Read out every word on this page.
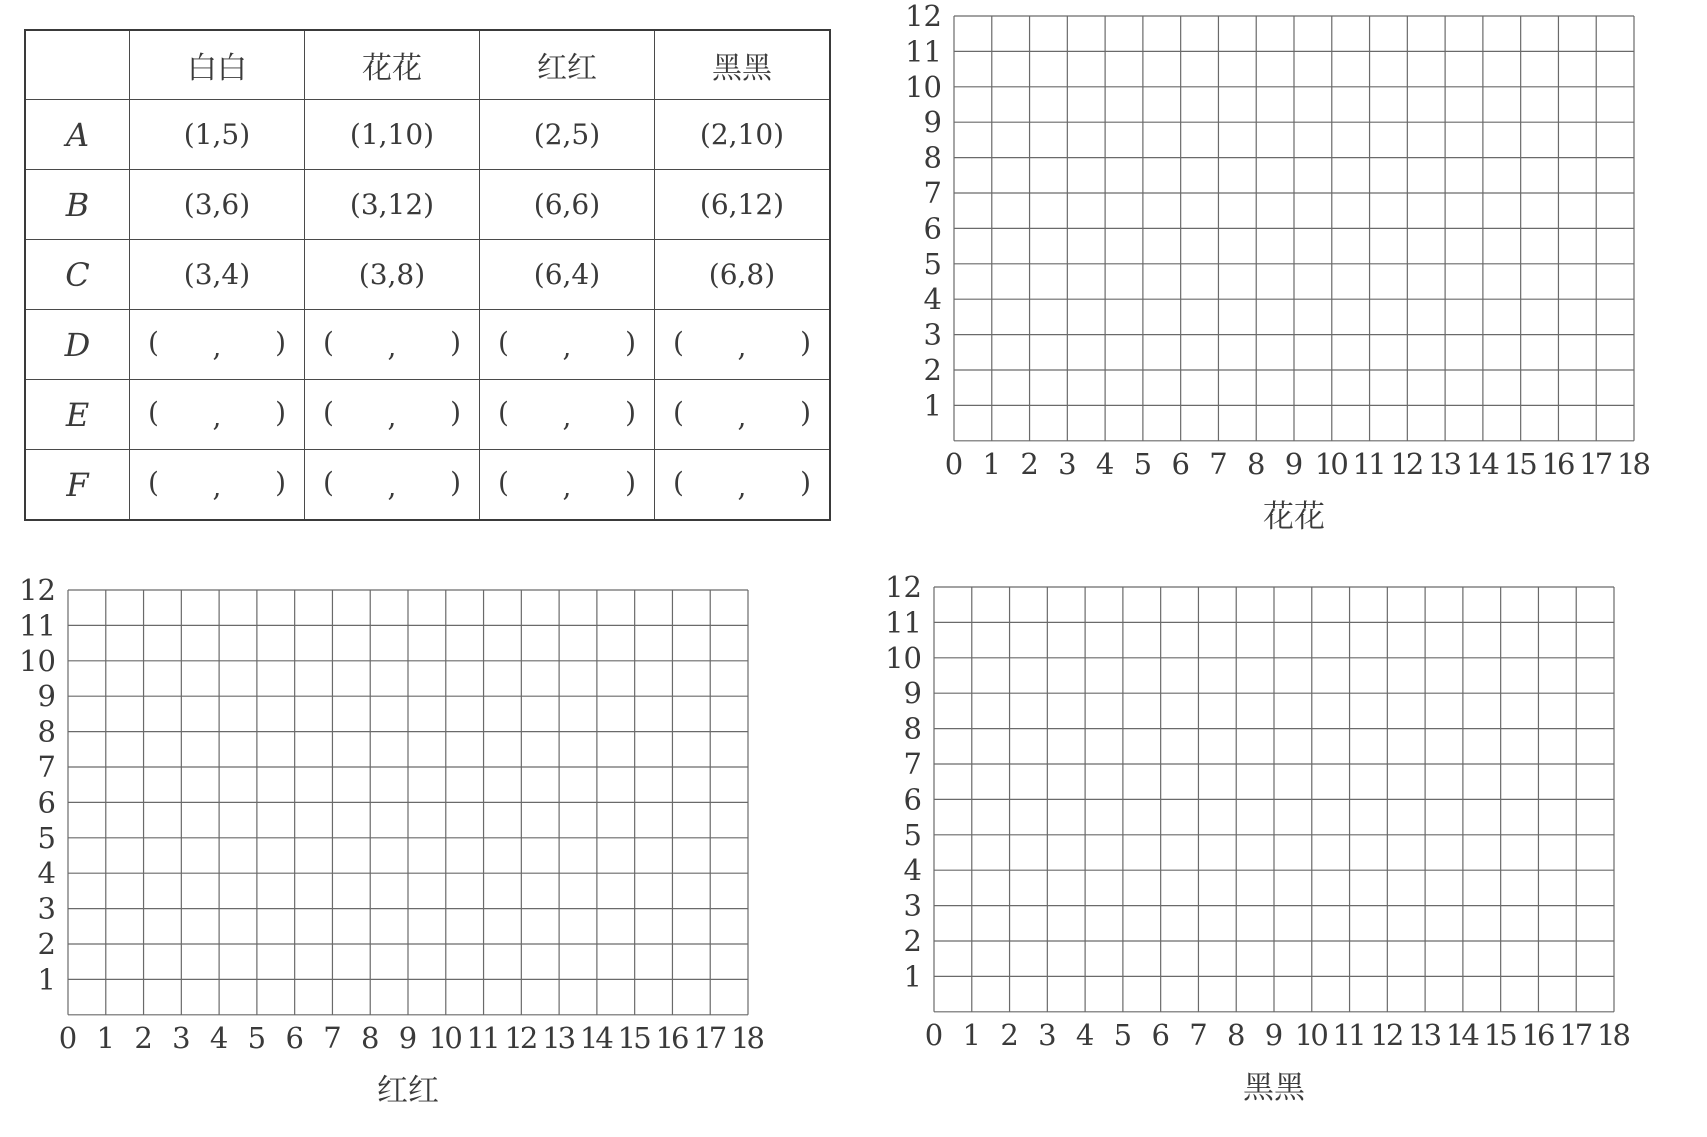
	白白	花花	红红	黑黑
A	(1,5)	(1,10)	(2,5)	(2,10)
B	(3,6)	(3,12)	(6,6)	(6,12)
C	(3,4)	(3,8)	(6,4)	(6,8)
D	( , )	( , )	( , )	( , )

E	( , )	( , )	( , )	( , )

F	( , )	( , )	( , )	( , )
0 1 2 3 4 5 6 7 8 9 10 11 12 13 14 15 16 17 18
1
2
3
4
5
6
7
8
9
10
11
12
花花
0 1 2 3 4 5 6 7 8 9 10 11 12 13 14 15 16 17 18
1
2
3
4
5
6
7
8
9
10
11
12
红红
0 1 2 3 4 5 6 7 8 9 10 11 12 13 14 15 16 17 18
1
2
3
4
5
6
7
8
9
10
11
12
黑黑
